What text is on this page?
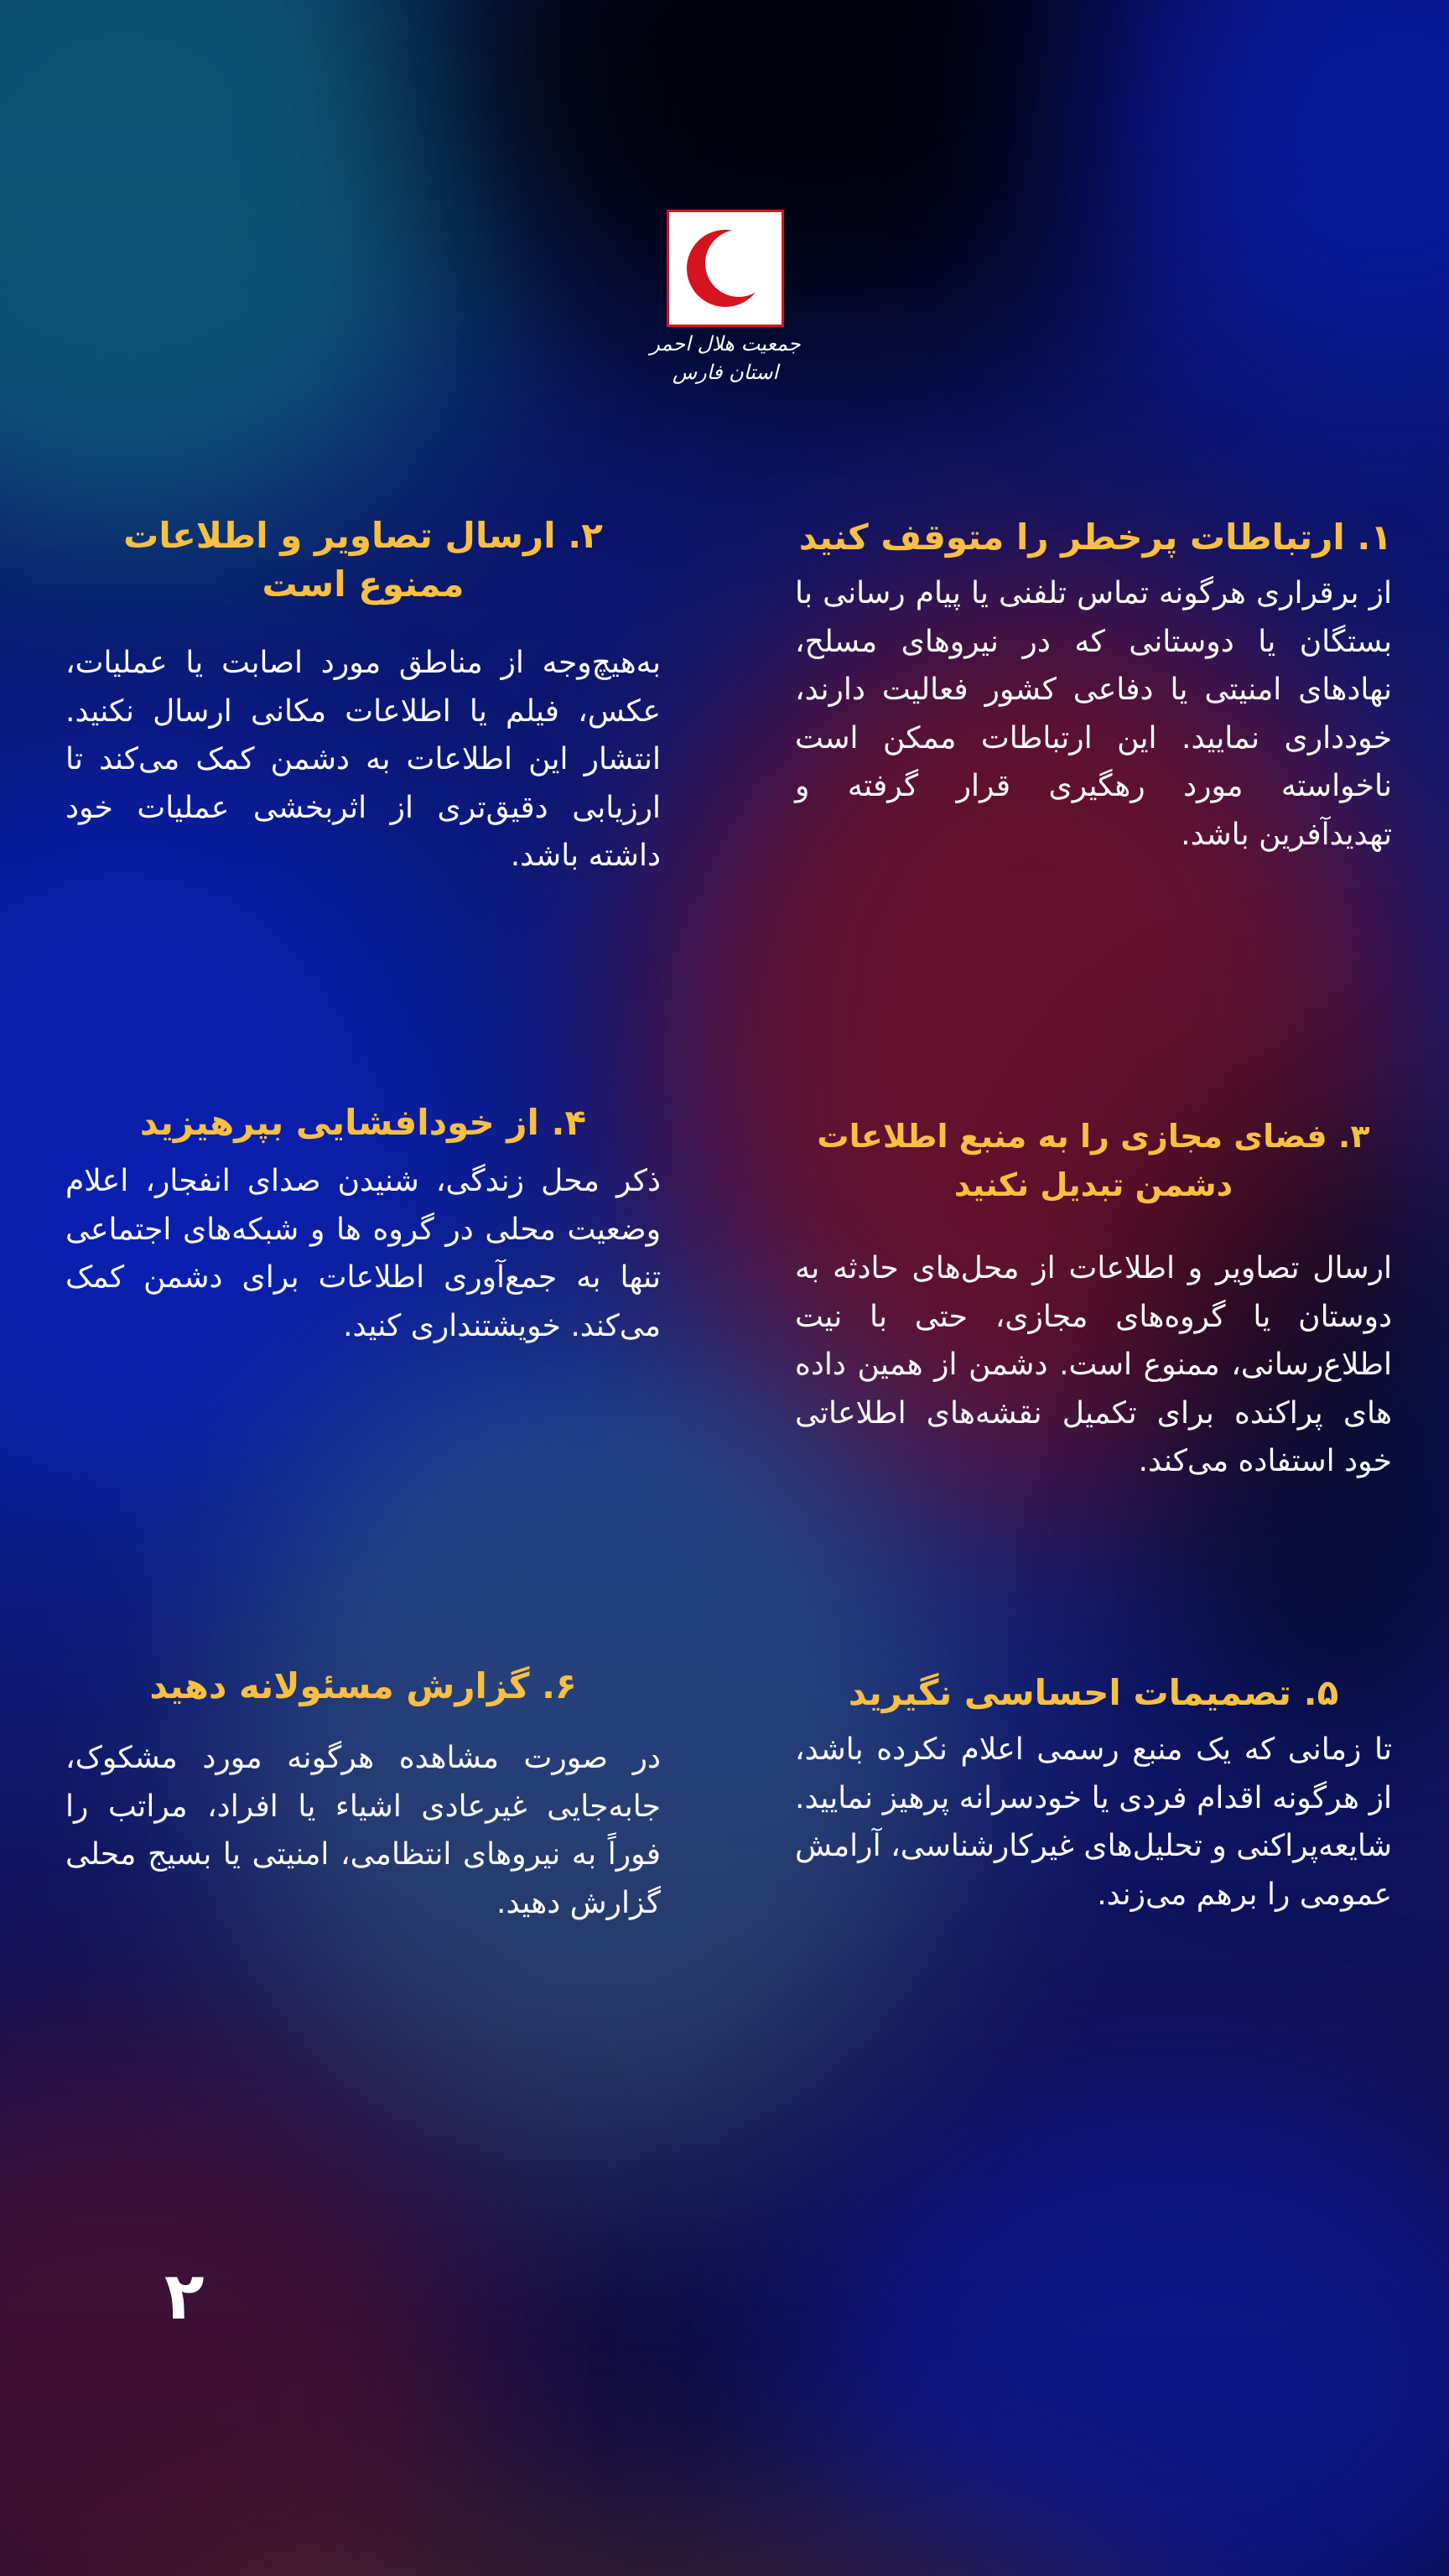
جمعیت هلال احمر
استان فارس
۱. ارتباطات پرخطر را متوقف کنید

از برقراری هرگونه تماس تلفنی یا پیام رسانی با بستگان یا دوستانی که در نیروهای مسلح، نهادهای امنیتی یا دفاعی کشور فعالیت دارند، خودداری نمایید. این ارتباطات ممکن است ناخواسته مورد رهگیری قرار گرفته و تهدیدآفرین باشد.

۲. ارسال تصاویر و اطلاعات ممنوع است

به‌هیچ‌وجه از مناطق مورد اصابت یا عملیات، عکس، فیلم یا اطلاعات مکانی ارسال نکنید. انتشار این اطلاعات به دشمن کمک می‌کند تا ارزیابی دقیق‌تری از اثربخشی عملیات خود داشته باشد.

۳. فضای مجازی را به منبع اطلاعات دشمن تبدیل نکنید

ارسال تصاویر و اطلاعات از محل‌های حادثه به دوستان یا گروه‌های مجازی، حتی با نیت اطلاع‌رسانی، ممنوع است. دشمن از همین داده های پراکنده برای تکمیل نقشه‌های اطلاعاتی خود استفاده می‌کند.

۴. از خودافشایی بپرهیزید

ذکر محل زندگی، شنیدن صدای انفجار، اعلام وضعیت محلی در گروه ها و شبکه‌های اجتماعی تنها به جمع‌آوری اطلاعات برای دشمن کمک می‌کند. خویشتنداری کنید.

۵. تصمیمات احساسی نگیرید

تا زمانی که یک منبع رسمی اعلام نکرده باشد، از هرگونه اقدام فردی یا خودسرانه پرهیز نمایید. شایعه‌پراکنی و تحلیل‌های غیرکارشناسی، آرامش عمومی را برهم می‌زند.

۶. گزارش مسئولانه دهید

در صورت مشاهده هرگونه مورد مشکوک، جابه‌جایی غیرعادی اشیاء یا افراد، مراتب را فوراً به نیروهای انتظامی، امنیتی یا بسیج محلی گزارش دهید.

۲
